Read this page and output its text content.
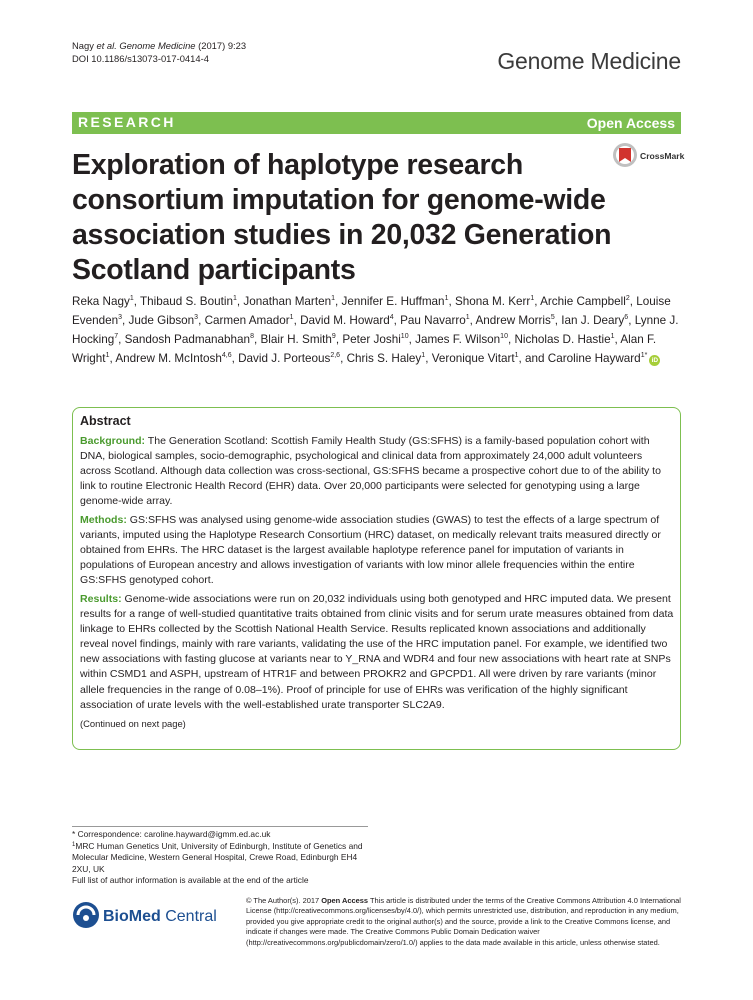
Nagy et al. Genome Medicine (2017) 9:23
DOI 10.1186/s13073-017-0414-4	Genome Medicine
RESEARCH	Open Access
Exploration of haplotype research consortium imputation for genome-wide association studies in 20,032 Generation Scotland participants
CrossMark
Reka Nagy$^1$, Thibaud S. Boutin$^1$, Jonathan Marten$^1$, Jennifer E. Huffman$^1$, Shona M. Kerr$^1$, Archie Campbell$^2$, Louise Evenden$^3$, Jude Gibson$^3$, Carmen Amador$^1$, David M. Howard$^4$, Pau Navarro$^1$, Andrew Morris$^5$, Ian J. Deary$^6$, Lynne J. Hocking$^7$, Sandosh Padmanabhan$^8$, Blair H. Smith$^9$, Peter Joshi$^{10}$, James F. Wilson$^{10}$, Nicholas D. Hastie$^1$, Alan F. Wright$^1$, Andrew M. McIntosh$^{4,6}$, David J. Porteous$^{2,6}$, Chris S. Haley$^1$, Veronique Vitart$^1$, and Caroline Hayward$^{1*}$iD
Abstract

Background: The Generation Scotland: Scottish Family Health Study (GS:SFHS) is a family-based population cohort with DNA, biological samples, socio-demographic, psychological and clinical data from approximately 24,000 adult volunteers across Scotland. Although data collection was cross-sectional, GS:SFHS became a prospective cohort due to of the ability to link to routine Electronic Health Record (EHR) data. Over 20,000 participants were selected for genotyping using a large genome-wide array.

Methods: GS:SFHS was analysed using genome-wide association studies (GWAS) to test the effects of a large spectrum of variants, imputed using the Haplotype Research Consortium (HRC) dataset, on medically relevant traits measured directly or obtained from EHRs. The HRC dataset is the largest available haplotype reference panel for imputation of variants in populations of European ancestry and allows investigation of variants with low minor allele frequencies within the entire GS:SFHS genotyped cohort.

Results: Genome-wide associations were run on 20,032 individuals using both genotyped and HRC imputed data. We present results for a range of well-studied quantitative traits obtained from clinic visits and for serum urate measures obtained from data linkage to EHRs collected by the Scottish National Health Service. Results replicated known associations and additionally reveal novel findings, mainly with rare variants, validating the use of the HRC imputation panel. For example, we identified two new associations with fasting glucose at variants near to Y_RNA and WDR4 and four new associations with heart rate at SNPs within CSMD1 and ASPH, upstream of HTR1F and between PROKR2 and GPCPD1. All were driven by rare variants (minor allele frequencies in the range of 0.08–1%). Proof of principle for use of EHRs was verification of the highly significant association of urate levels with the well-established urate transporter SLC2A9.

(Continued on next page)
* Correspondence: caroline.hayward@igmm.ed.ac.uk
$^1$MRC Human Genetics Unit, University of Edinburgh, Institute of Genetics and Molecular Medicine, Western General Hospital, Crewe Road, Edinburgh EH4 2XU, UK
Full list of author information is available at the end of the article
BioMed Central
© The Author(s). 2017 Open Access This article is distributed under the terms of the Creative Commons Attribution 4.0 International License (http://creativecommons.org/licenses/by/4.0/), which permits unrestricted use, distribution, and reproduction in any medium, provided you give appropriate credit to the original author(s) and the source, provide a link to the Creative Commons license, and indicate if changes were made. The Creative Commons Public Domain Dedication waiver (http://creativecommons.org/publicdomain/zero/1.0/) applies to the data made available in this article, unless otherwise stated.
